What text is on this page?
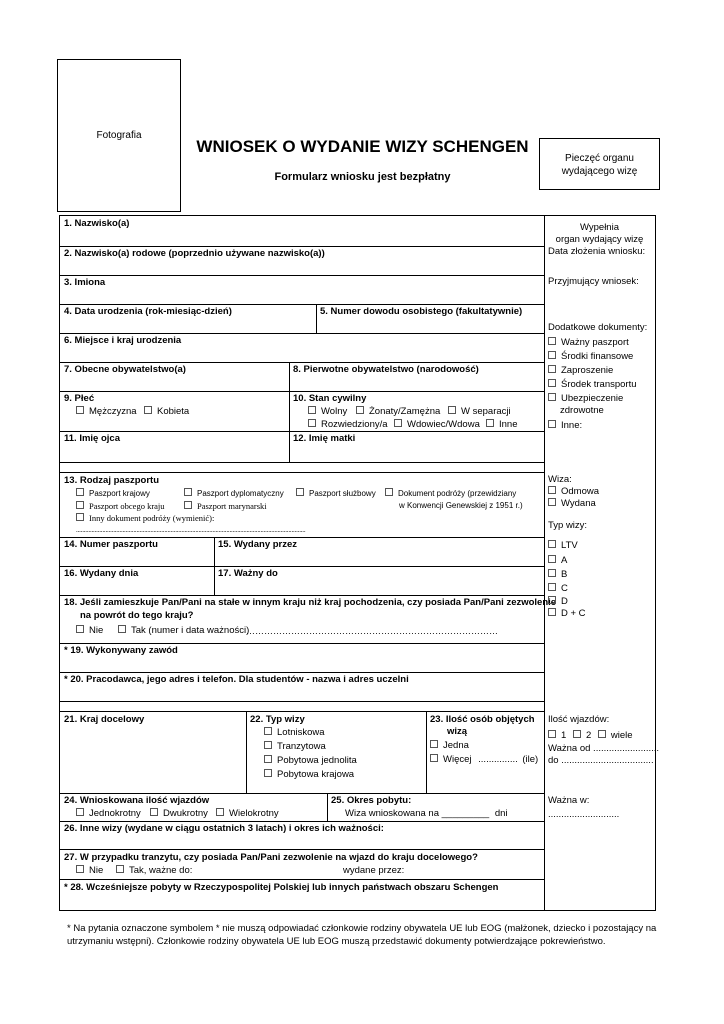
Fotografia
WNIOSEK O WYDANIE WIZY SCHENGEN
Formularz wniosku jest bezpłatny
Pieczęć organu
wydającego wizę
1. Nazwisko(a)
2. Nazwisko(a) rodowe (poprzednio używane nazwisko(a))
3. Imiona
4. Data urodzenia (rok-miesiąc-dzień)	5. Numer dowodu osobistego (fakultatywnie)
6. Miejsce i kraj urodzenia
7. Obecne obywatelstwo(a)	8. Pierwotne obywatelstwo (narodowość)
9. Płeć
Mężczyzna	Kobieta
10. Stan cywilny
Wolny	Żonaty/Zamężna	W separacji
Rozwiedziony/a	Wdowiec/Wdowa	Inne
11. Imię ojca	12. Imię matki
13. Rodzaj paszportu
Paszport krajowy	Paszport dyplomatyczny	Paszport służbowy	Dokument podróży (przewidziany
w Konwencji Genewskiej z 1951 r.)
Paszport obcego kraju	Paszport marynarski
Inny dokument podróży (wymienić):
....................................................................................................................................................
14. Numer paszportu	15. Wydany przez
16. Wydany dnia	17. Ważny do
18. Jeśli zamieszkuje Pan/Pani na stałe w innym kraju niż kraj pochodzenia, czy posiada Pan/Pani zezwolenie
na powrót do tego kraju?
Nie	Tak (numer i data ważności)
…………………………………………………………………………
* 19. Wykonywany zawód
* 20. Pracodawca, jego adres i telefon. Dla studentów - nazwa i adres uczelni
21. Kraj docelowy	22. Typ wizy
Lotniskowa
Tranzytowa
Pobytowa jednolita
Pobytowa krajowa
23. Ilość osób objętych
wizą
Jedna
Więcej ............... (ile)
24. Wnioskowana ilość wjazdów
Jednokrotny	Dwukrotny	Wielokrotny
25. Okres pobytu:
Wiza wnioskowana na _________ dni
26. Inne wizy (wydane w ciągu ostatnich 3 latach) i okres ich ważności:
27. W przypadku tranzytu, czy posiada Pan/Pani zezwolenie na wjazd do kraju docelowego?
Nie	Tak, ważne do:	wydane przez:
* 28. Wcześniejsze pobyty w Rzeczypospolitej Polskiej lub innych państwach obszaru Schengen
Wypełnia
organ wydający wizę
Data złożenia wniosku:
Przyjmujący wniosek:
Dodatkowe dokumenty:
Ważny paszport
Środki finansowe
Zaproszenie
Środek transportu
Ubezpieczenie
zdrowotne
Inne:
Wiza:
Odmowa
Wydana
Typ wizy:
LTV
A
B
C
D
D + C
Ilość wjazdów:
1 2 wiele
Ważna od .........................
do ...................................
Ważna w:
...........................
* Na pytania oznaczone symbolem * nie muszą odpowiadać członkowie rodziny obywatela UE lub EOG (małżonek, dziecko i pozostający na utrzymaniu wstępni). Członkowie rodziny obywatela UE lub EOG muszą przedstawić dokumenty potwierdzające pokrewieństwo.
